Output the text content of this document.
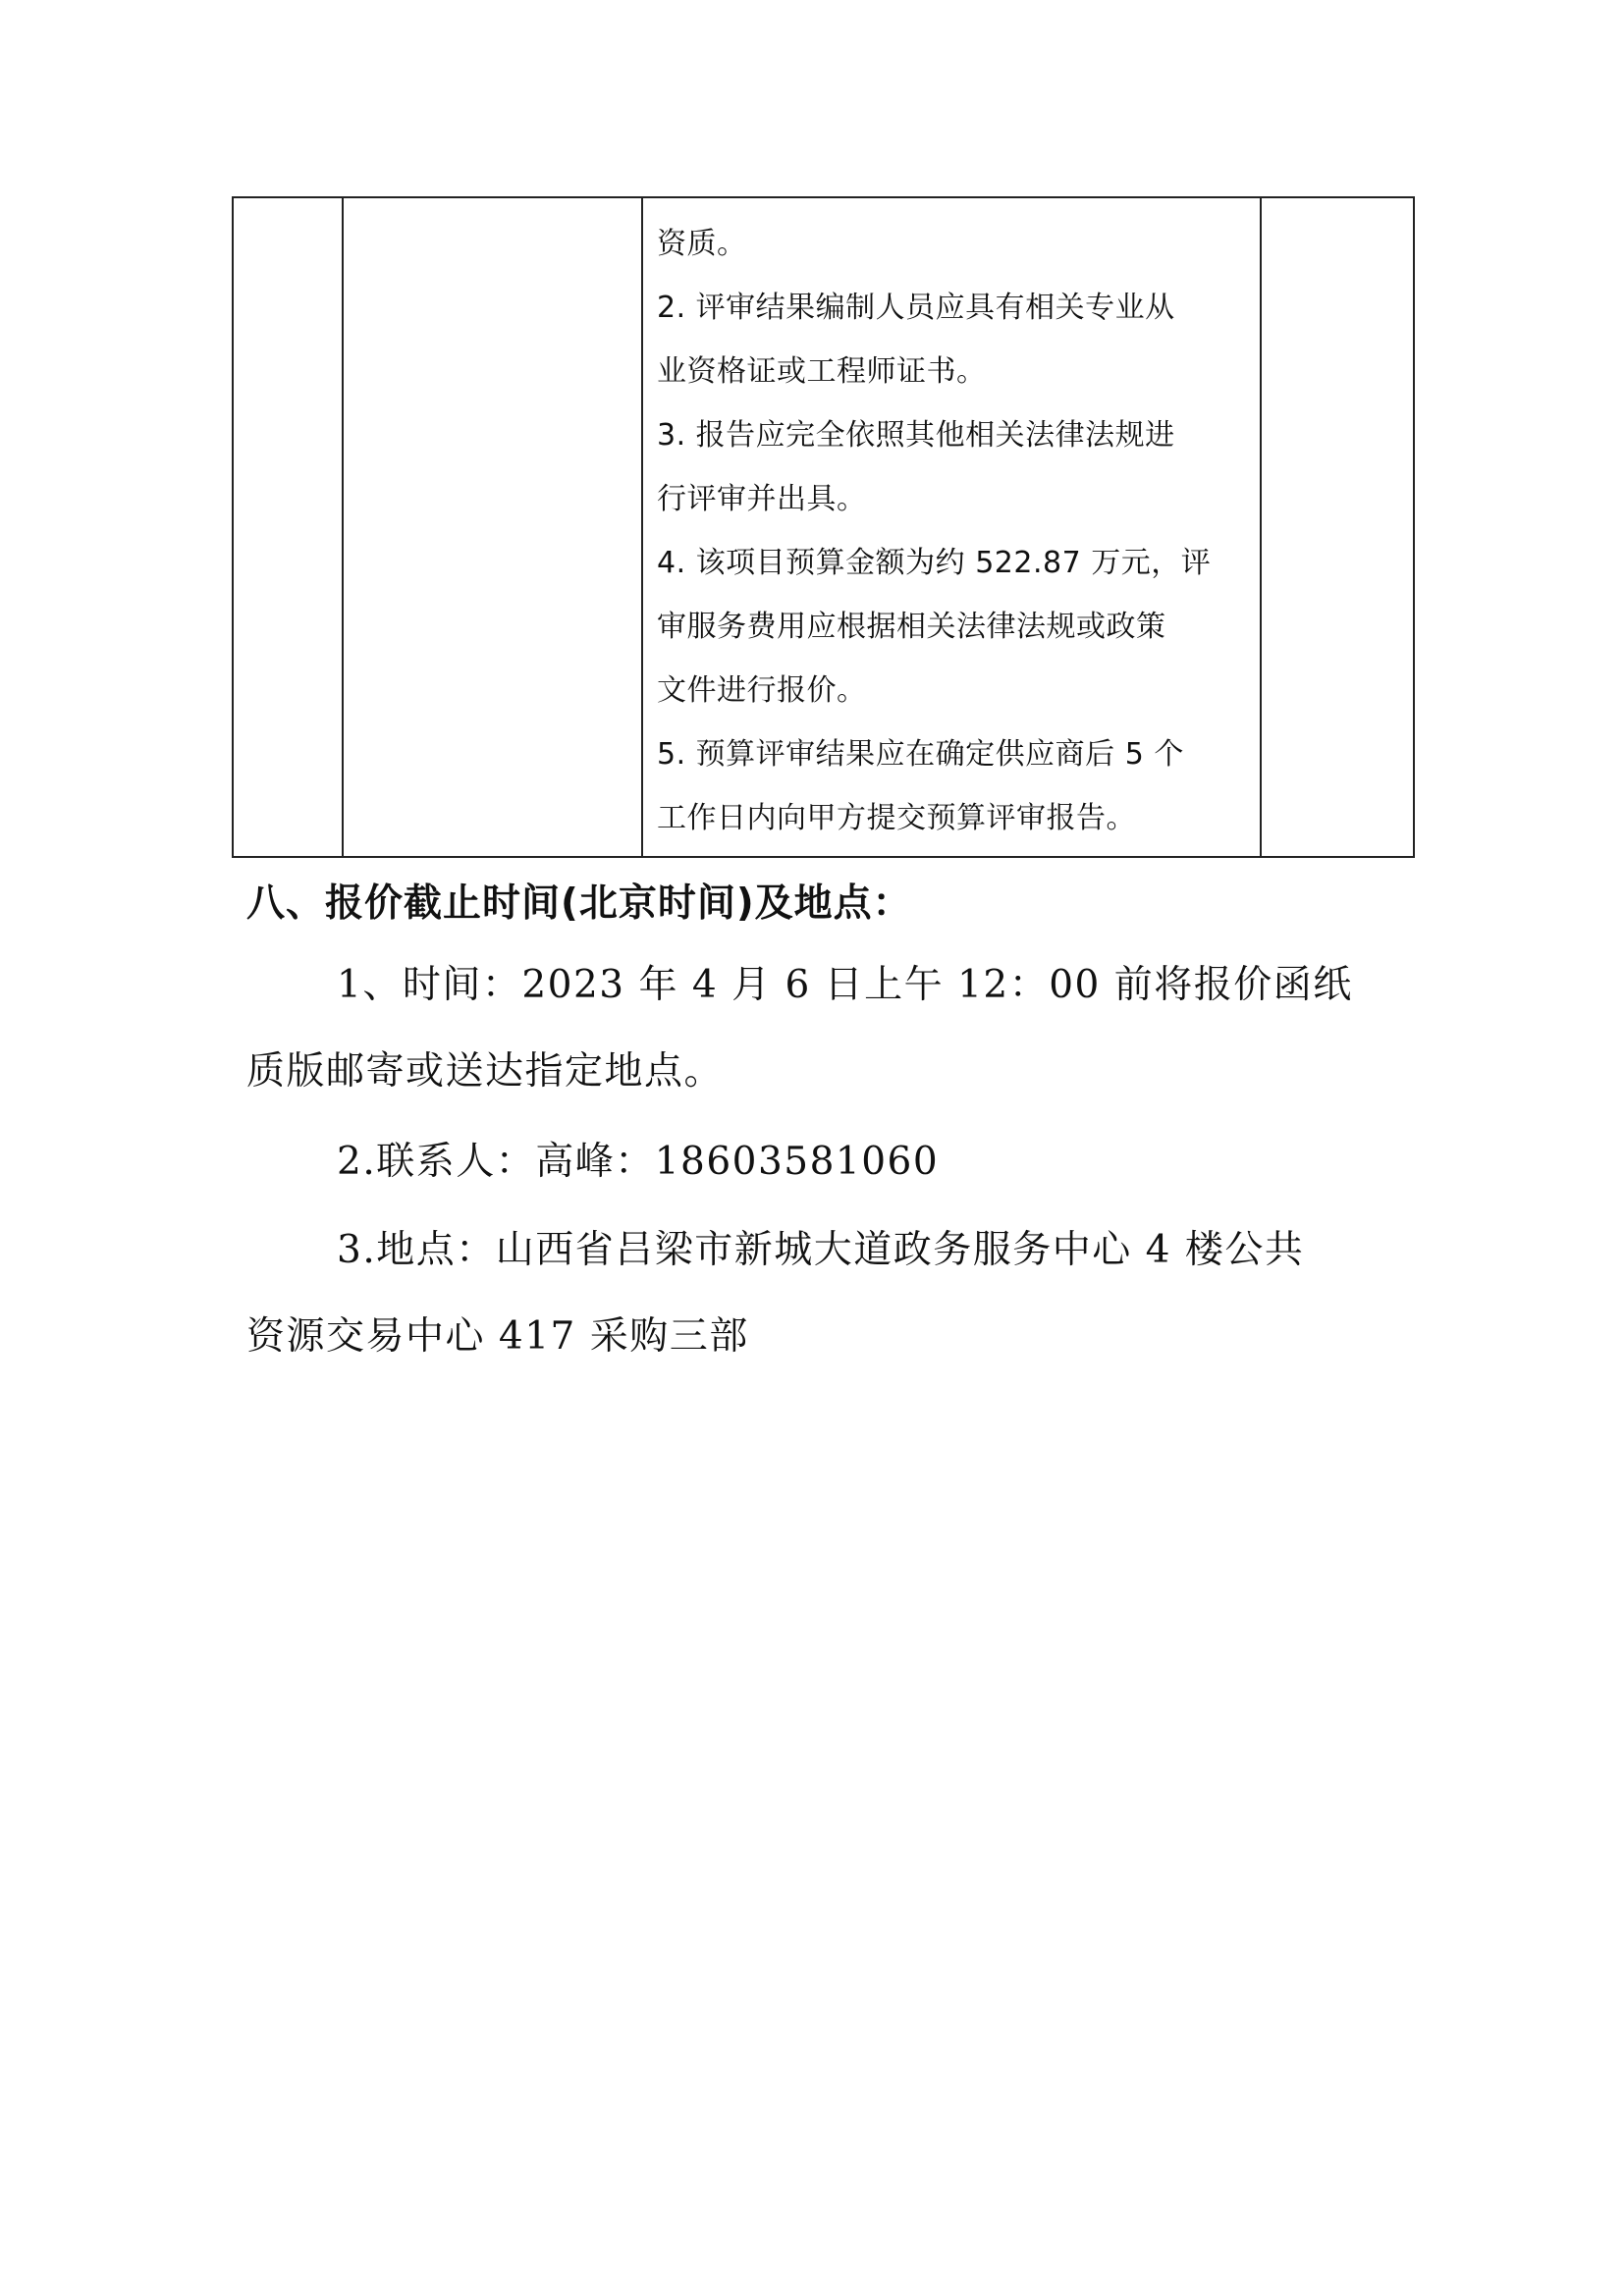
资质。

2. 评审结果编制人员应具有相关专业从

业资格证或工程师证书。

3. 报告应完全依照其他相关法律法规进

行评审并出具。

4. 该项目预算金额为约 522.87 万元，评

审服务费用应根据相关法律法规或政策

文件进行报价。

5. 预算评审结果应在确定供应商后 5 个

工作日内向甲方提交预算评审报告。

八、报价截止时间(北京时间)及地点：

1、时间：2023 年 4 月 6 日上午 12：00 前将报价函纸
质版邮寄或送达指定地点。

2.联系人：高峰：18603581060

3.地点：山西省吕梁市新城大道政务服务中心 4 楼公共
资源交易中心 417 采购三部
